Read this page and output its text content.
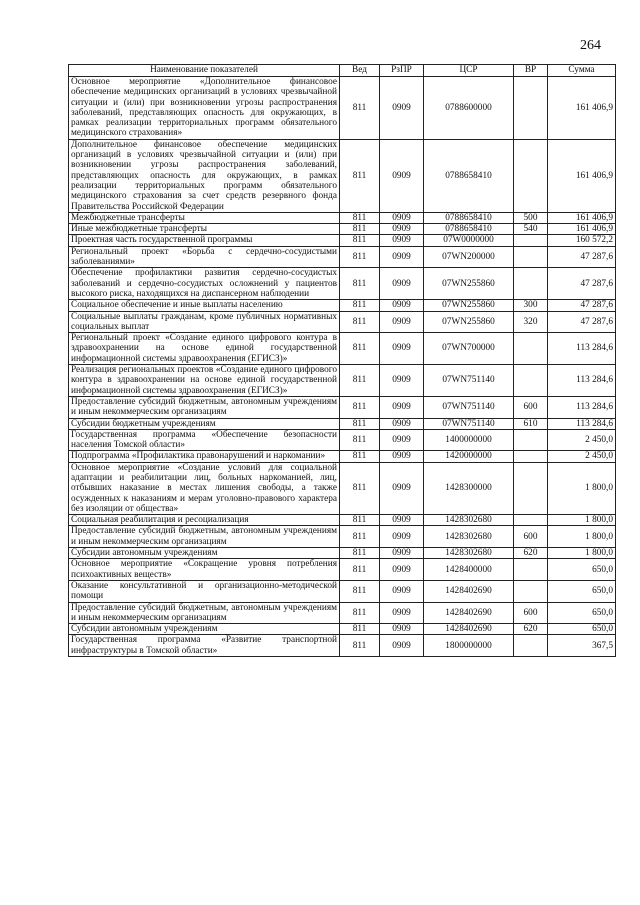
264
Наименование показателей	Вед	РзПР	ЦСР	ВР	Сумма
Основное мероприятие «Дополнительное финансовое обеспечение медицинских организаций в условиях чрезвычайной ситуации и (или) при возникновении угрозы распространения заболеваний, представляющих опасность для окружающих, в рамках реализации территориальных программ обязательного медицинского страхования»	811	0909	0788600000		161 406,9
Дополнительное финансовое обеспечение медицинских организаций в условиях чрезвычайной ситуации и (или) при возникновении угрозы распространения заболеваний, представляющих опасность для окружающих, в рамках реализации территориальных программ обязательного медицинского страхования за счет средств резервного фонда Правительства Российской Федерации	811	0909	0788658410		161 406,9
Межбюджетные трансферты	811	0909	0788658410	500	161 406,9
Иные межбюджетные трансферты	811	0909	0788658410	540	161 406,9
Проектная часть государственной программы	811	0909	07W0000000		160 572,2
Региональный проект «Борьба с сердечно-сосудистыми заболеваниями»	811	0909	07WN200000		47 287,6
Обеспечение профилактики развития сердечно-сосудистых заболеваний и сердечно-сосудистых осложнений у пациентов высокого риска, находящихся на диспансерном наблюдении	811	0909	07WN255860		47 287,6
Социальное обеспечение и иные выплаты населению	811	0909	07WN255860	300	47 287,6
Социальные выплаты гражданам, кроме публичных нормативных социальных выплат	811	0909	07WN255860	320	47 287,6
Региональный проект «Создание единого цифрового контура в здравоохранении на основе единой государственной информационной системы здравоохранения (ЕГИСЗ)»	811	0909	07WN700000		113 284,6
Реализация региональных проектов «Создание единого цифрового контура в здравоохранении на основе единой государственной информационной системы здравоохранения (ЕГИСЗ)»	811	0909	07WN751140		113 284,6
Предоставление субсидий бюджетным, автономным учреждениям и иным некоммерческим организациям	811	0909	07WN751140	600	113 284,6
Субсидии бюджетным учреждениям	811	0909	07WN751140	610	113 284,6
Государственная программа «Обеспечение безопасности населения Томской области»	811	0909	1400000000		2 450,0
Подпрограмма «Профилактика правонарушений и наркомании»	811	0909	1420000000		2 450,0
Основное мероприятие «Создание условий для социальной адаптации и реабилитации лиц, больных наркоманией, лиц, отбывших наказание в местах лишения свободы, а также осужденных к наказаниям и мерам уголовно-правового характера без изоляции от общества»	811	0909	1428300000		1 800,0
Социальная реабилитация и ресоциализация	811	0909	1428302680		1 800,0
Предоставление субсидий бюджетным, автономным учреждениям и иным некоммерческим организациям	811	0909	1428302680	600	1 800,0
Субсидии автономным учреждениям	811	0909	1428302680	620	1 800,0
Основное мероприятие «Сокращение уровня потребления психоактивных веществ»	811	0909	1428400000		650,0
Оказание консультативной и организационно-методической помощи	811	0909	1428402690		650,0
Предоставление субсидий бюджетным, автономным учреждениям и иным некоммерческим организациям	811	0909	1428402690	600	650,0
Субсидии автономным учреждениям	811	0909	1428402690	620	650,0
Государственная программа «Развитие транспортной инфраструктуры в Томской области»	811	0909	1800000000		367,5
